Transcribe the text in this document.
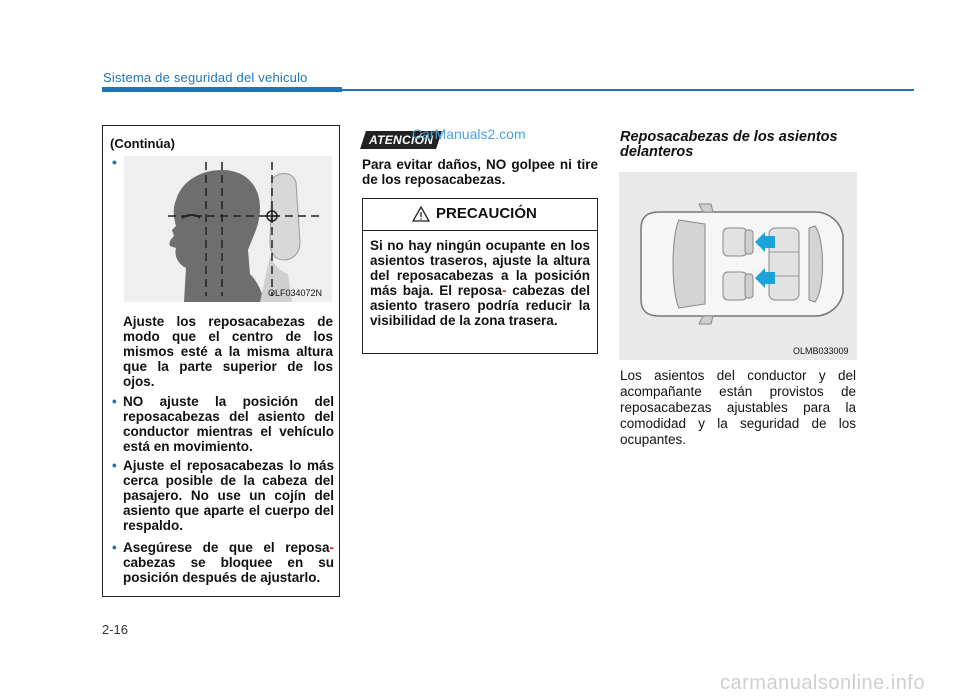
Sistema de seguridad del vehiculo
(Continúa)
•
OLF034072N
Ajuste los reposacabezas de modo que el centro de los mismos esté a la misma altura que la parte superior de los ojos.
• NO ajuste la posición del reposacabezas del asiento del conductor mientras el vehículo está en movimiento.
• Ajuste el reposacabezas lo más cerca posible de la cabeza del pasajero. No use un cojín del asiento que aparte el cuerpo del respaldo.
• Asegúrese de que el reposa- cabezas se bloquee en su posición después de ajustarlo.
ATENCIÓN
CarManuals2.com
Para evitar daños, NO golpee ni tire de los reposacabezas.
PRECAUCIÓN
Si no hay ningún ocupante en los asientos traseros, ajuste la altura del reposacabezas a la posición más baja. El reposa- cabezas del asiento trasero podría reducir la visibilidad de la zona trasera.
Reposacabezas de los asientos delanteros
OLMB033009
Los asientos del conductor y del acompañante están provistos de reposacabezas ajustables para la comodidad y la seguridad de los ocupantes.
2-16
carmanualsonline.info
